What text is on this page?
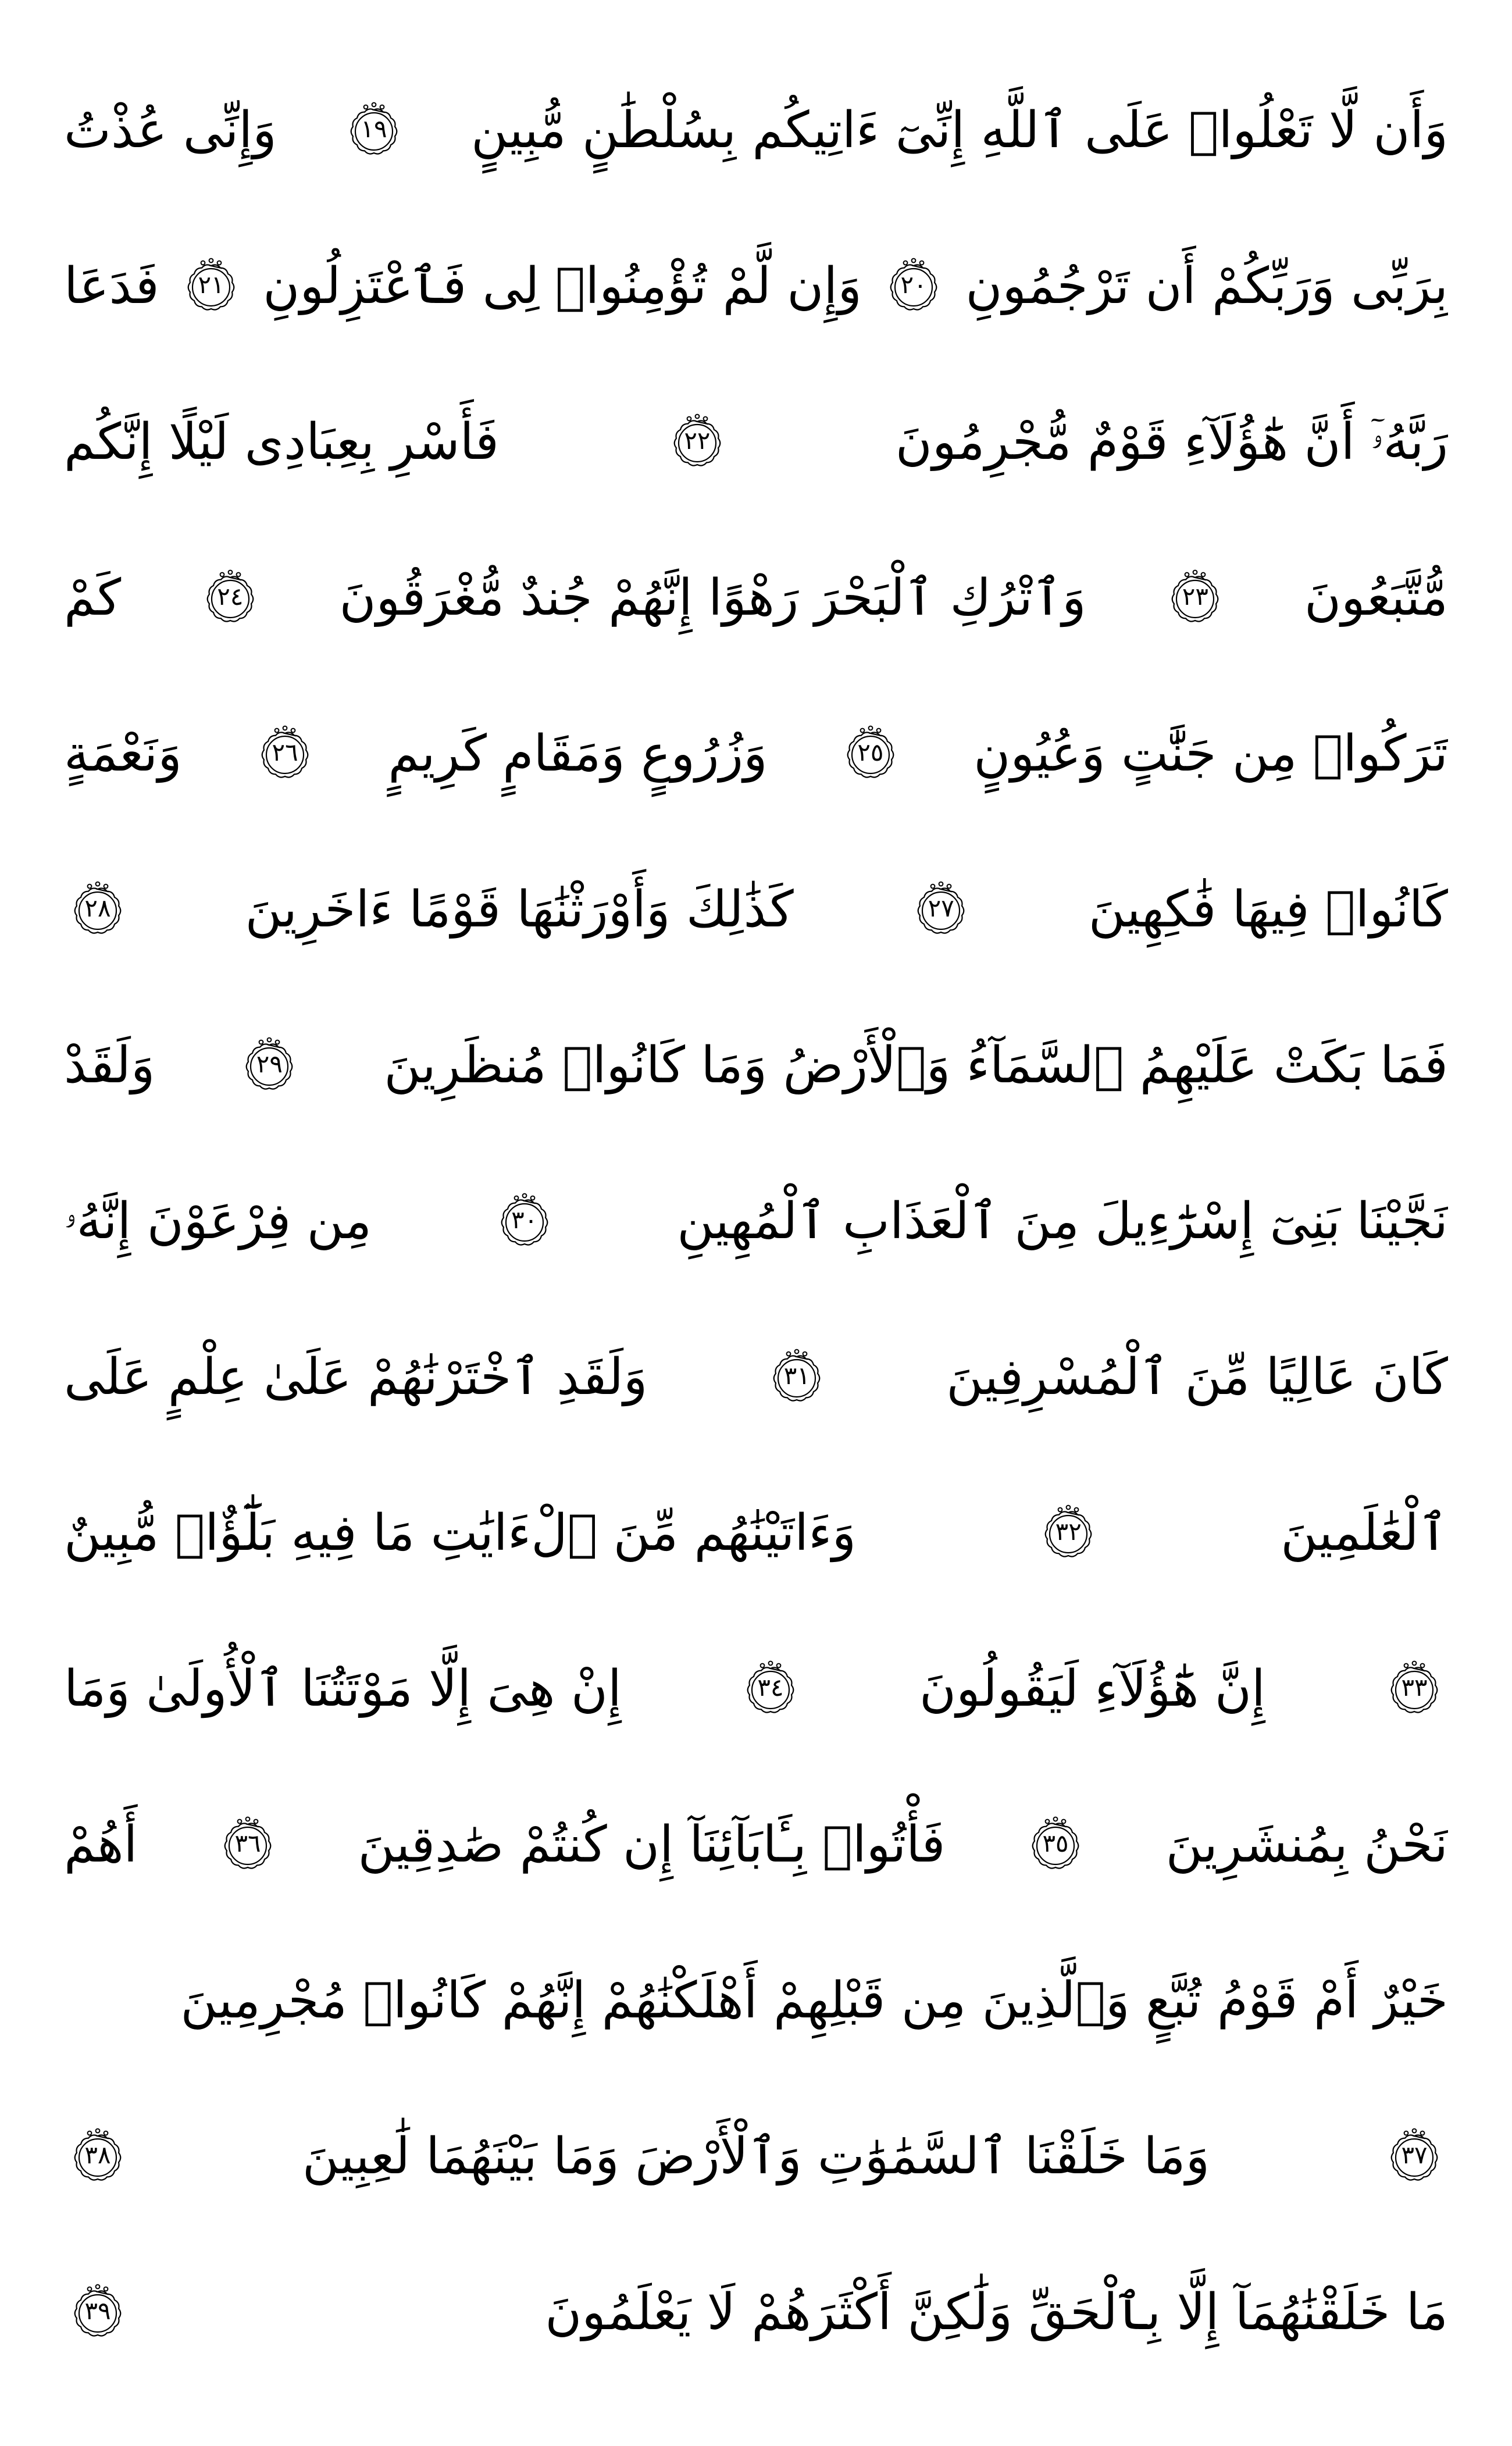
وَأَن لَّا تَعْلُوا۟ عَلَى ٱللَّهِ إِنِّىٓ ءَاتِيكُم بِسُلْطَٰنٍ مُّبِينٍ
١٩
وَإِنِّى عُذْتُ
بِرَبِّى وَرَبِّكُمْ أَن تَرْجُمُونِ
٢٠
وَإِن لَّمْ تُؤْمِنُوا۟ لِى فَٱعْتَزِلُونِ
٢١
فَدَعَا
رَبَّهُۥٓ أَنَّ هَٰٓؤُلَآءِ قَوْمٌ مُّجْرِمُونَ
٢٢
فَأَسْرِ بِعِبَادِى لَيْلًا إِنَّكُم
مُّتَّبَعُونَ
٢٣
وَٱتْرُكِ ٱلْبَحْرَ رَهْوًا إِنَّهُمْ جُندٌ مُّغْرَقُونَ
٢٤
كَمْ
تَرَكُوا۟ مِن جَنَّٰتٍ وَعُيُونٍ
٢٥
وَزُرُوعٍ وَمَقَامٍ كَرِيمٍ
٢٦
وَنَعْمَةٍ
كَانُوا۟ فِيهَا فَٰكِهِينَ
٢٧
كَذَٰلِكَ وَأَوْرَثْنَٰهَا قَوْمًا ءَاخَرِينَ
٢٨
فَمَا بَكَتْ عَلَيْهِمُ ٱلسَّمَآءُ وَٱلْأَرْضُ وَمَا كَانُوا۟ مُنظَرِينَ
٢٩
وَلَقَدْ
نَجَّيْنَا بَنِىٓ إِسْرَٰٓءِيلَ مِنَ ٱلْعَذَابِ ٱلْمُهِينِ
٣٠
مِن فِرْعَوْنَ إِنَّهُۥ
كَانَ عَالِيًا مِّنَ ٱلْمُسْرِفِينَ
٣١
وَلَقَدِ ٱخْتَرْنَٰهُمْ عَلَىٰ عِلْمٍ عَلَى
ٱلْعَٰلَمِينَ
٣٢
وَءَاتَيْنَٰهُم مِّنَ ٱلْءَايَٰتِ مَا فِيهِ بَلَٰٓؤٌا۟ مُّبِينٌ
٣٣
إِنَّ هَٰٓؤُلَآءِ لَيَقُولُونَ
٣٤
إِنْ هِىَ إِلَّا مَوْتَتُنَا ٱلْأُولَىٰ وَمَا
نَحْنُ بِمُنشَرِينَ
٣٥
فَأْتُوا۟ بِـَٔابَآئِنَآ إِن كُنتُمْ صَٰدِقِينَ
٣٦
أَهُمْ
خَيْرٌ أَمْ قَوْمُ تُبَّعٍ وَٱلَّذِينَ مِن قَبْلِهِمْ أَهْلَكْنَٰهُمْ إِنَّهُمْ كَانُوا۟ مُجْرِمِينَ
٣٧
وَمَا خَلَقْنَا ٱلسَّمَٰوَٰتِ وَٱلْأَرْضَ وَمَا بَيْنَهُمَا لَٰعِبِينَ
٣٨
مَا خَلَقْنَٰهُمَآ إِلَّا بِٱلْحَقِّ وَلَٰكِنَّ أَكْثَرَهُمْ لَا يَعْلَمُونَ
٣٩
